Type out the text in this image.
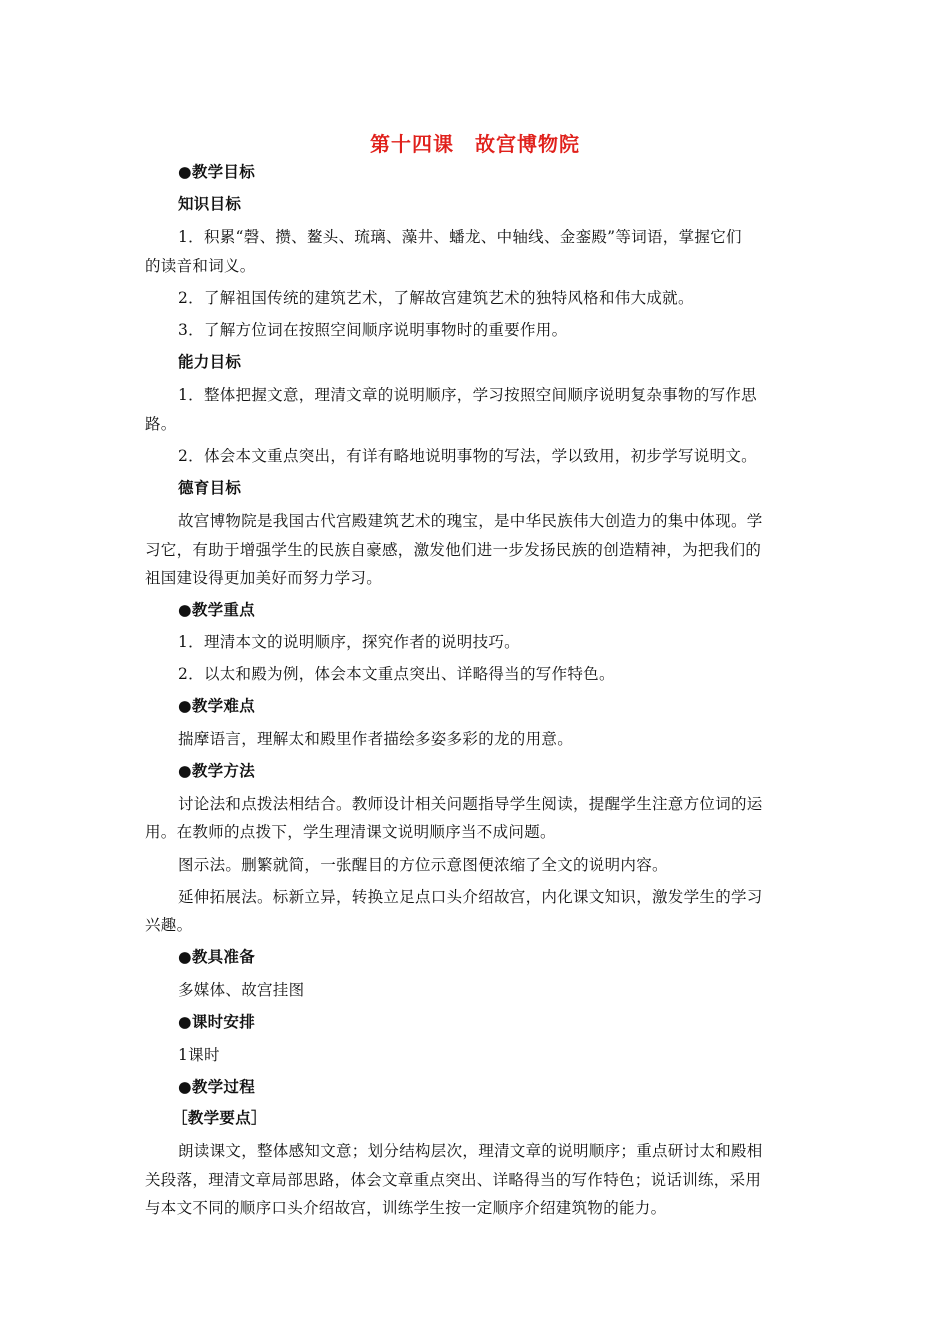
第十四课　故宫博物院
●教学目标
知识目标
1．积累“磬、攒、鳌头、琉璃、藻井、蟠龙、中轴线、金銮殿”等词语，掌握它们
的读音和词义。
2．了解祖国传统的建筑艺术，了解故宫建筑艺术的独特风格和伟大成就。
3．了解方位词在按照空间顺序说明事物时的重要作用。
能力目标
1．整体把握文意，理清文章的说明顺序，学习按照空间顺序说明复杂事物的写作思
路。
2．体会本文重点突出，有详有略地说明事物的写法，学以致用，初步学写说明文。
德育目标
故宫博物院是我国古代宫殿建筑艺术的瑰宝，是中华民族伟大创造力的集中体现。学
习它，有助于增强学生的民族自豪感，激发他们进一步发扬民族的创造精神，为把我们的
祖国建设得更加美好而努力学习。
●教学重点
1．理清本文的说明顺序，探究作者的说明技巧。
2．以太和殿为例，体会本文重点突出、详略得当的写作特色。
●教学难点
揣摩语言，理解太和殿里作者描绘多姿多彩的龙的用意。
●教学方法
讨论法和点拨法相结合。教师设计相关问题指导学生阅读，提醒学生注意方位词的运
用。在教师的点拨下，学生理清课文说明顺序当不成问题。
图示法。删繁就简，一张醒目的方位示意图便浓缩了全文的说明内容。
延伸拓展法。标新立异，转换立足点口头介绍故宫，内化课文知识，激发学生的学习
兴趣。
●教具准备
多媒体、故宫挂图
●课时安排
1课时
●教学过程
［教学要点］
朗读课文，整体感知文意；划分结构层次，理清文章的说明顺序；重点研讨太和殿相
关段落，理清文章局部思路，体会文章重点突出、详略得当的写作特色；说话训练，采用
与本文不同的顺序口头介绍故宫，训练学生按一定顺序介绍建筑物的能力。
